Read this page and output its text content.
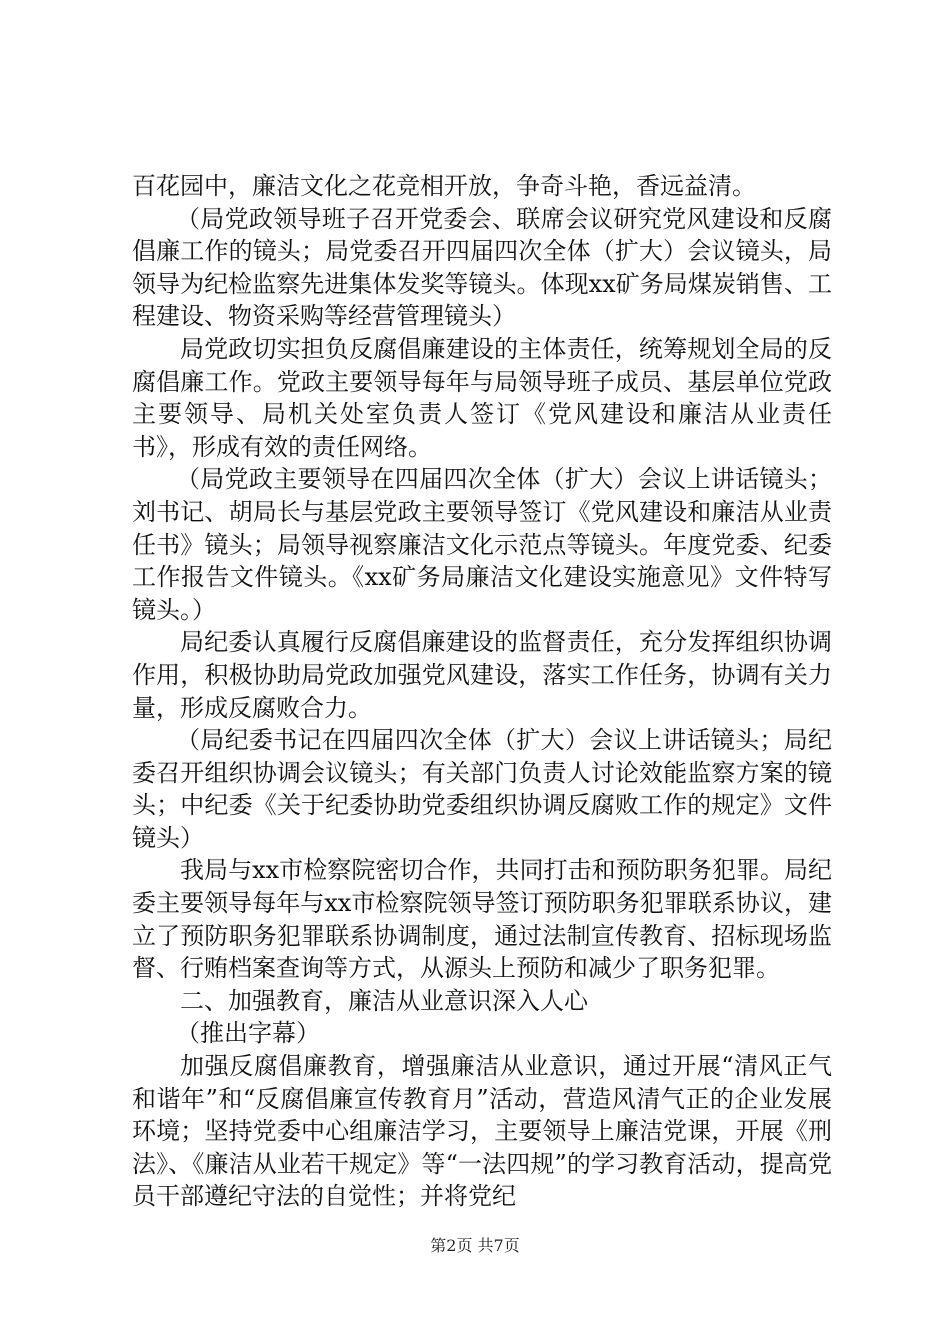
百花园中，廉洁文化之花竞相开放，争奇斗艳，香远益清。

（局党政领导班子召开党委会、联席会议研究党风建设和反腐倡廉工作的镜头；局党委召开四届四次全体（扩大）会议镜头，局领导为纪检监察先进集体发奖等镜头。体现xx矿务局煤炭销售、工程建设、物资采购等经营管理镜头）

局党政切实担负反腐倡廉建设的主体责任，统筹规划全局的反腐倡廉工作。党政主要领导每年与局领导班子成员、基层单位党政主要领导、局机关处室负责人签订《党风建设和廉洁从业责任书》，形成有效的责任网络。

（局党政主要领导在四届四次全体（扩大）会议上讲话镜头；刘书记、胡局长与基层党政主要领导签订《党风建设和廉洁从业责任书》镜头；局领导视察廉洁文化示范点等镜头。年度党委、纪委工作报告文件镜头。《xx矿务局廉洁文化建设实施意见》文件特写镜头。）

局纪委认真履行反腐倡廉建设的监督责任，充分发挥组织协调作用，积极协助局党政加强党风建设，落实工作任务，协调有关力量，形成反腐败合力。

（局纪委书记在四届四次全体（扩大）会议上讲话镜头；局纪委召开组织协调会议镜头；有关部门负责人讨论效能监察方案的镜头；中纪委《关于纪委协助党委组织协调反腐败工作的规定》文件镜头）

我局与xx市检察院密切合作，共同打击和预防职务犯罪。局纪委主要领导每年与xx市检察院领导签订预防职务犯罪联系协议，建立了预防职务犯罪联系协调制度，通过法制宣传教育、招标现场监督、行贿档案查询等方式，从源头上预防和减少了职务犯罪。

二、加强教育，廉洁从业意识深入人心

（推出字幕）

加强反腐倡廉教育，增强廉洁从业意识，通过开展“清风正气和谐年”和“反腐倡廉宣传教育月”活动，营造风清气正的企业发展环境；坚持党委中心组廉洁学习，主要领导上廉洁党课，开展《刑法》、《廉洁从业若干规定》等“一法四规”的学习教育活动，提高党员干部遵纪守法的自觉性；并将党纪

第2页 共7页
